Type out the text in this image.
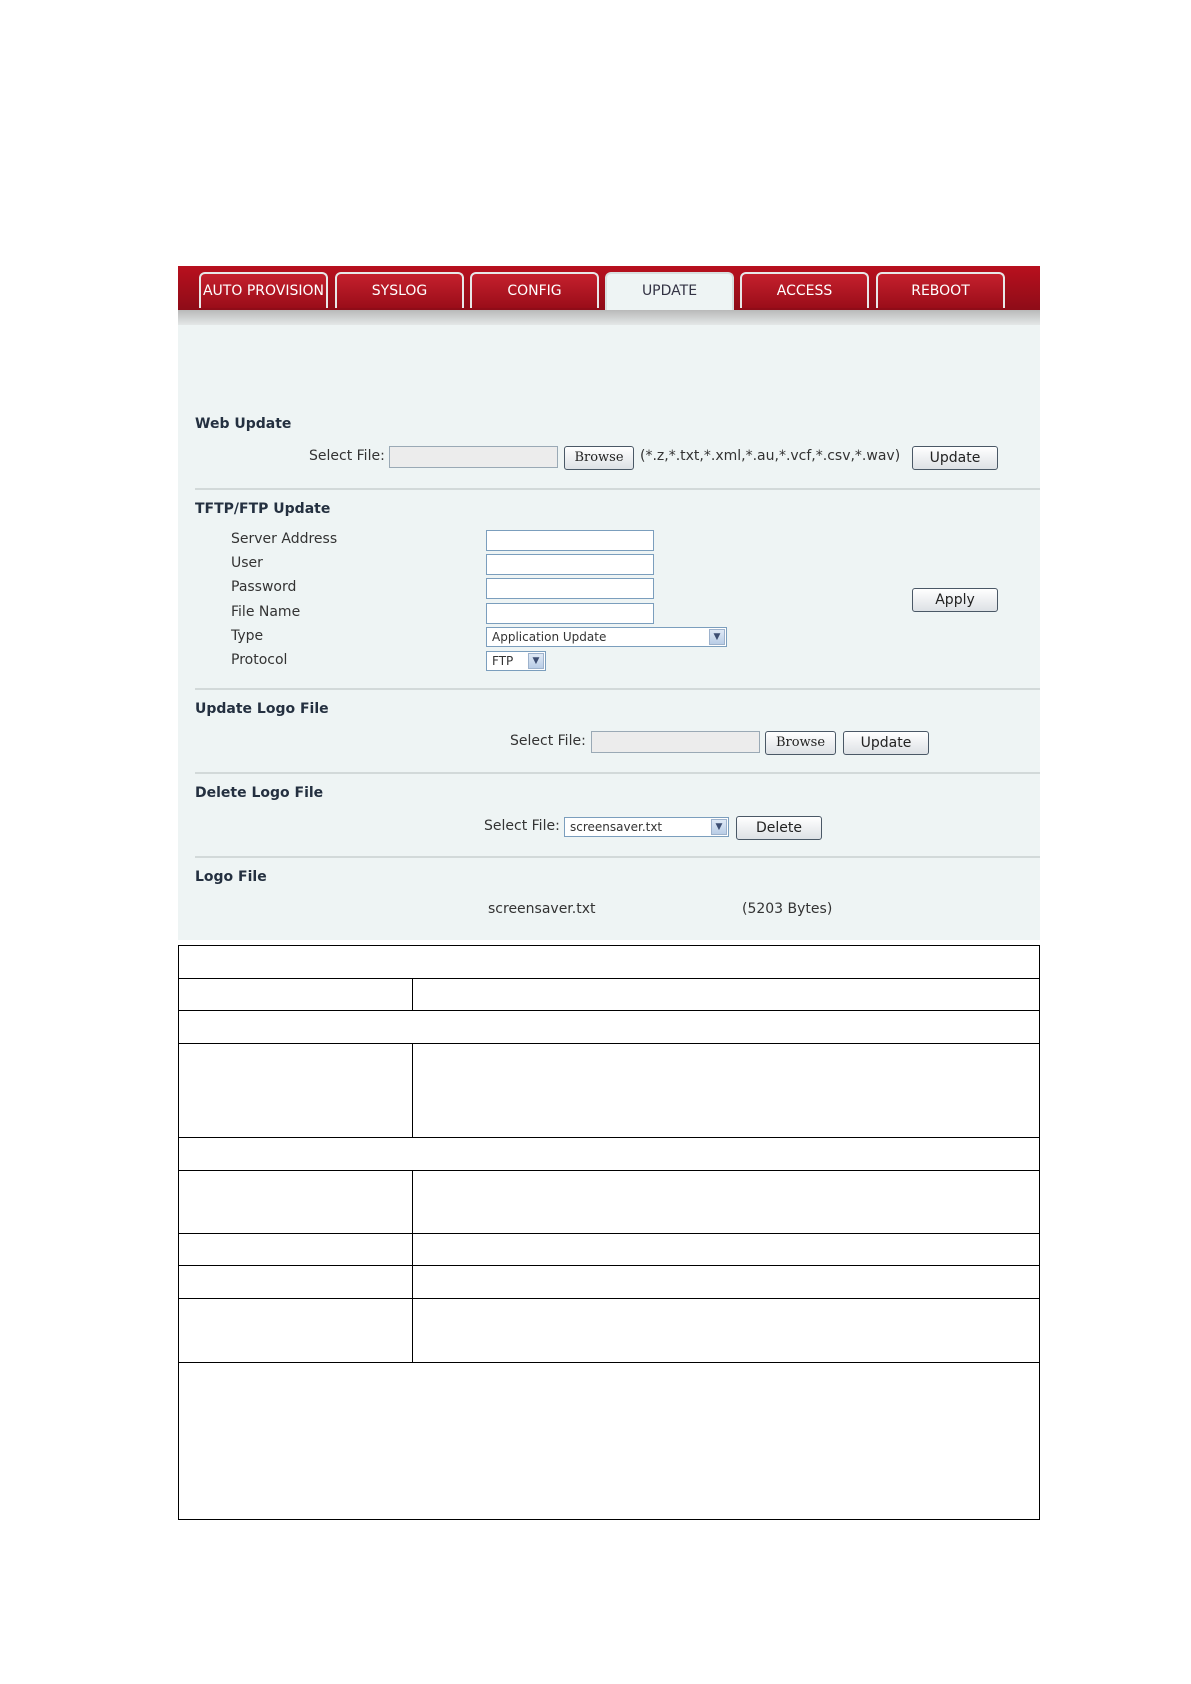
AUTO PROVISION	SYSLOG	CONFIG	UPDATE	ACCESS	REBOOT
Web Update
Select File:	Browse	(*.z,*.txt,*.xml,*.au,*.vcf,*.csv,*.wav)	Update
TFTP/FTP Update
Server Address
User
Password
File Name
Type	Application Update	▼
Protocol	FTP	▼
Apply
Update Logo File
Select File:	Browse	Update
Delete Logo File
Select File: screensaver.txt	▼	Delete
Logo File
screensaver.txt	(5203 Bytes)
